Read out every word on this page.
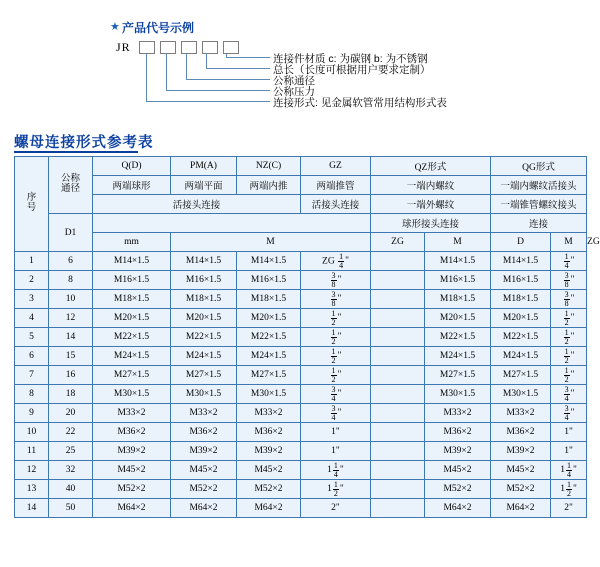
★ 产品代号示例
JR
连接件材质 c: 为碳钢 b: 为不锈钢
总长（长度可根据用户要求定制）
公称通径
公称压力
连接形式: 见金属软管常用结构形式表
螺母连接形式参考表
序
号	公称
通径	Q(D)	PM(A)	NZ(C)	GZ	QZ形式		QG形式		
		两端球形	两端平面	两端内推	两端推管	一端内螺纹		一端内螺纹活接头		
		活接头连接			活接头连接	一端外螺纹		一端锥管螺纹接头		
	D1					球形接头连接		连接		
		mm	M			ZG	M	D	M	ZG
1	6	M14×1.5	M14×1.5	M14×1.5	ZG $\frac{1}{4}$ "		M14×1.5	M14×1.5	$\frac{1}{4}$ "	
2	8	M16×1.5	M16×1.5	M16×1.5	$\frac{3}{8}$ "		M16×1.5	M16×1.5	$\frac{3}{8}$ "	
3	10	M18×1.5	M18×1.5	M18×1.5	$\frac{3}{8}$ "		M18×1.5	M18×1.5	$\frac{3}{8}$ "	
4	12	M20×1.5	M20×1.5	M20×1.5	$\frac{1}{2}$ "		M20×1.5	M20×1.5	$\frac{1}{2}$ "	
5	14	M22×1.5	M22×1.5	M22×1.5	$\frac{1}{2}$ "		M22×1.5	M22×1.5	$\frac{1}{2}$ "	
6	15	M24×1.5	M24×1.5	M24×1.5	$\frac{1}{2}$ "		M24×1.5	M24×1.5	$\frac{1}{2}$ "	
7	16	M27×1.5	M27×1.5	M27×1.5	$\frac{1}{2}$ "		M27×1.5	M27×1.5	$\frac{1}{2}$ "	
8	18	M30×1.5	M30×1.5	M30×1.5	$\frac{3}{4}$ "		M30×1.5	M30×1.5	$\frac{3}{4}$ "	
9	20	M33×2	M33×2	M33×2	$\frac{3}{4}$ "		M33×2	M33×2	$\frac{3}{4}$ "	
10	22	M36×2	M36×2	M36×2	1"		M36×2	M36×2	1"	
11	25	M39×2	M39×2	M39×2	1"		M39×2	M39×2	1"	
12	32	M45×2	M45×2	M45×2	$1 \frac{1}{4}$ "		M45×2	M45×2	$1 \frac{1}{4}$ "	
13	40	M52×2	M52×2	M52×2	$1 \frac{1}{2}$ "		M52×2	M52×2	$1 \frac{1}{2}$ "	
14	50	M64×2	M64×2	M64×2	2"		M64×2	M64×2	2"	
